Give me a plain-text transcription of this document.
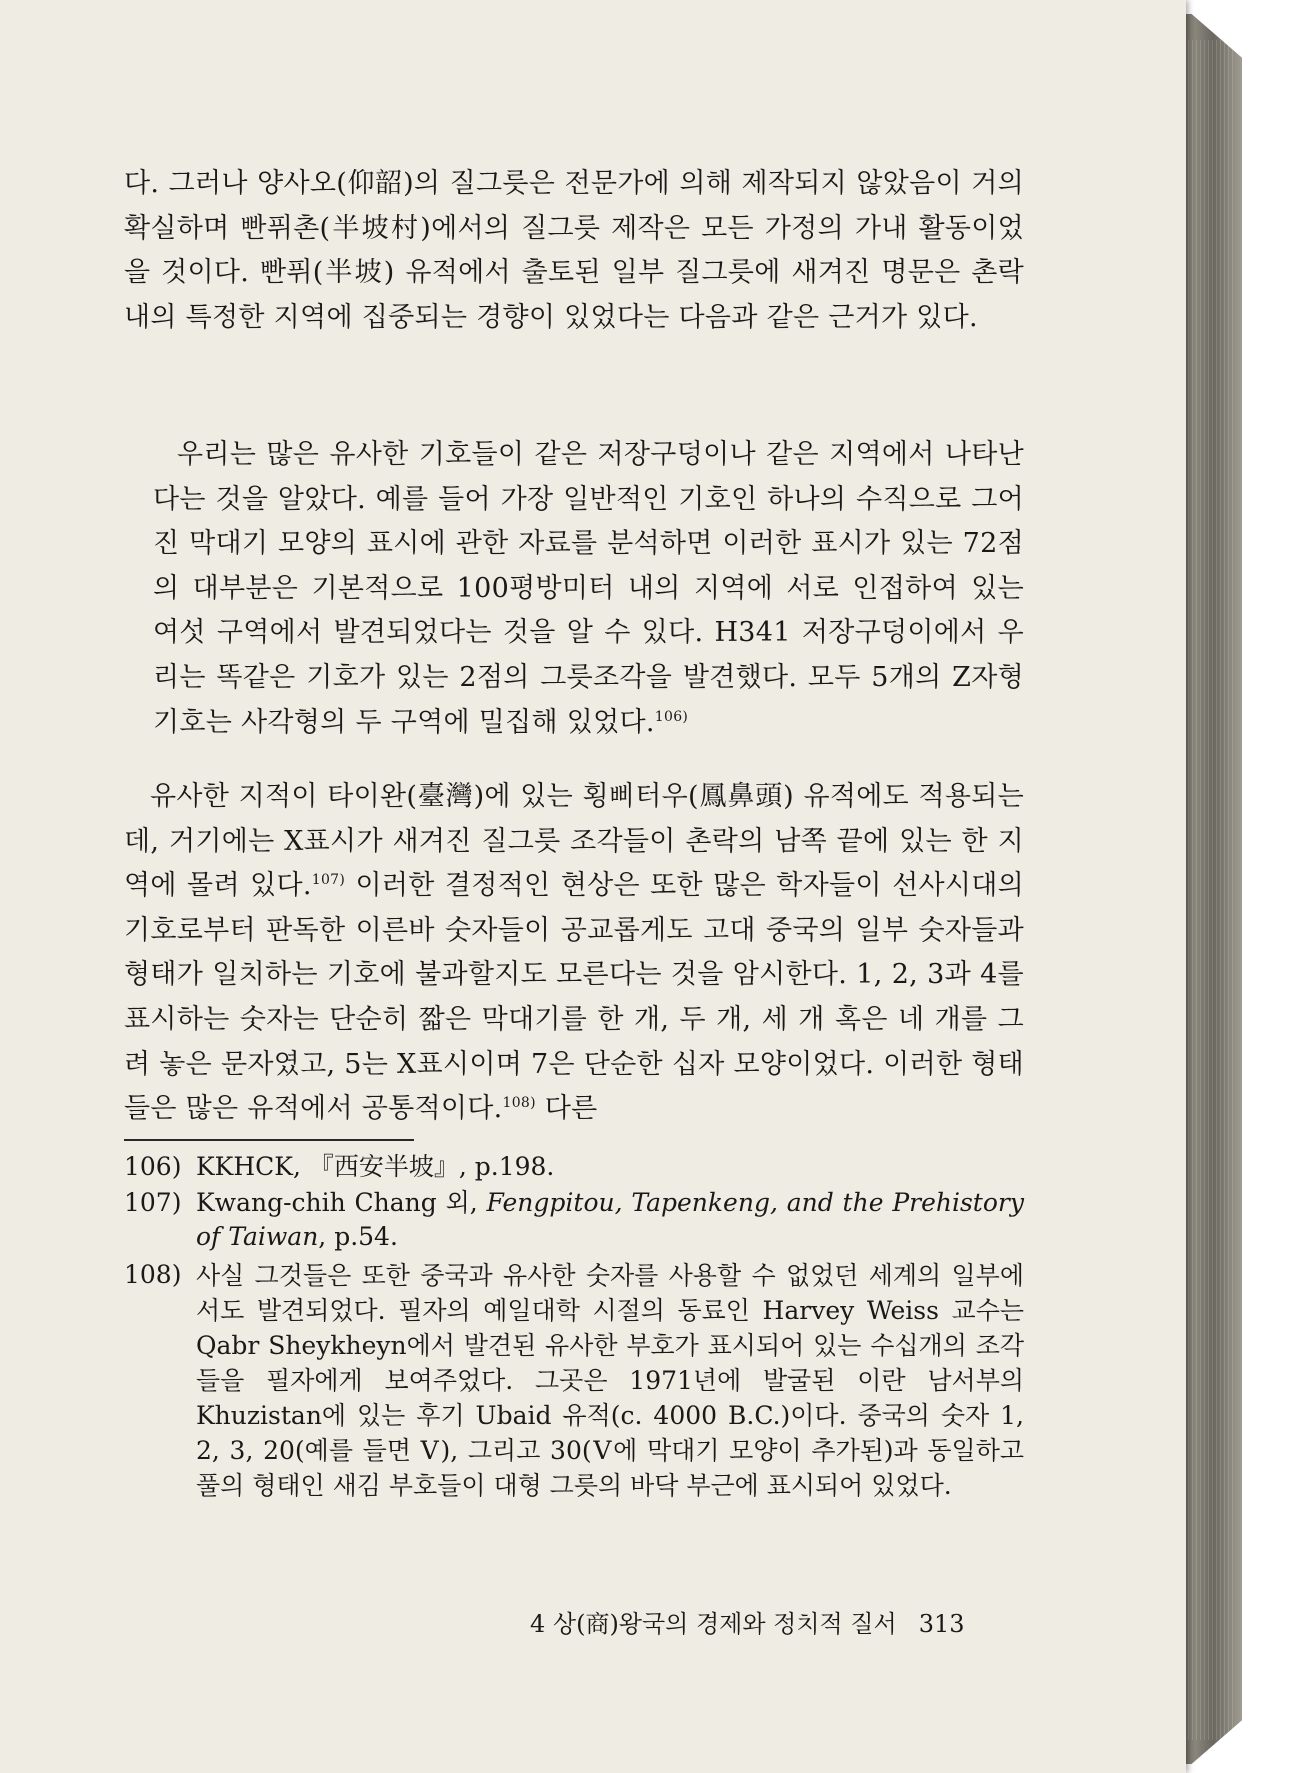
다. 그러나 양사오(仰韶)의 질그릇은 전문가에 의해 제작되지 않았음이 거의 확실하며 빤퓌촌(半坡村)에서의 질그릇 제작은 모든 가정의 가내 활동이었을 것이다. 빤퓌(半坡) 유적에서 출토된 일부 질그릇에 새겨진 명문은 촌락 내의 특정한 지역에 집중되는 경향이 있었다는 다음과 같은 근거가 있다.
우리는 많은 유사한 기호들이 같은 저장구덩이나 같은 지역에서 나타난다는 것을 알았다. 예를 들어 가장 일반적인 기호인 하나의 수직으로 그어진 막대기 모양의 표시에 관한 자료를 분석하면 이러한 표시가 있는 72점의 대부분은 기본적으로 100평방미터 내의 지역에 서로 인접하여 있는 여섯 구역에서 발견되었다는 것을 알 수 있다. H341 저장구덩이에서 우리는 똑같은 기호가 있는 2점의 그릇조각을 발견했다. 모두 5개의 Z자형 기호는 사각형의 두 구역에 밀집해 있었다.$^{106)}$
유사한 지적이 타이완(臺灣)에 있는 횡삐터우(鳳鼻頭) 유적에도 적용되는데, 거기에는 X표시가 새겨진 질그릇 조각들이 촌락의 남쪽 끝에 있는 한 지역에 몰려 있다.$^{107)}$ 이러한 결정적인 현상은 또한 많은 학자들이 선사시대의 기호로부터 판독한 이른바 숫자들이 공교롭게도 고대 중국의 일부 숫자들과 형태가 일치하는 기호에 불과할지도 모른다는 것을 암시한다. 1, 2, 3과 4를 표시하는 숫자는 단순히 짧은 막대기를 한 개, 두 개, 세 개 혹은 네 개를 그려 놓은 문자였고, 5는 X표시이며 7은 단순한 십자 모양이었다. 이러한 형태들은 많은 유적에서 공통적이다.$^{108)}$ 다른
106) KKHCK, 『西安半坡』, p.198.
107) Kwang-chih Chang 외, Fengpitou, Tapenkeng, and the Prehistory of Taiwan, p.54.
108) 사실 그것들은 또한 중국과 유사한 숫자를 사용할 수 없었던 세계의 일부에서도 발견되었다. 필자의 예일대학 시절의 동료인 Harvey Weiss 교수는 Qabr Sheykheyn에서 발견된 유사한 부호가 표시되어 있는 수십개의 조각들을 필자에게 보여주었다. 그곳은 1971년에 발굴된 이란 남서부의 Khuzistan에 있는 후기 Ubaid 유적(c. 4000 B.C.)이다. 중국의 숫자 1, 2, 3, 20(예를 들면 Ⅴ), 그리고 30(Ⅴ에 막대기 모양이 추가된)과 동일하고 풀의 형태인 새김 부호들이 대형 그릇의 바닥 부근에 표시되어 있었다.
4 상(商)왕국의 경제와 정치적 질서 313
